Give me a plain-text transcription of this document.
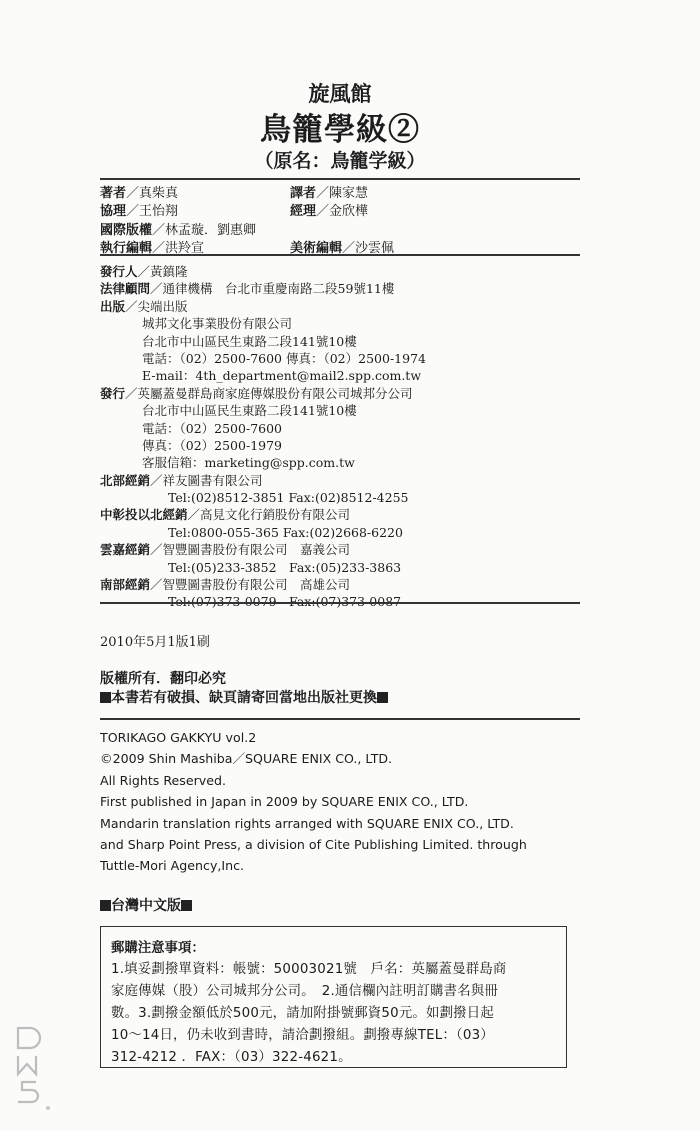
旋風館
鳥籠學級②
（原名：鳥籠学級）
著者／真柴真	譯者／陳家慧
協理／王怡翔	經理／金欣樺
國際版權／林孟璇．劉惠卿
執行編輯／洪羚宣	美術編輯／沙雲佩
發行人／黃鎮隆
法律顧問／通律機構　台北市重慶南路二段59號11樓
出版／尖端出版
城邦文化事業股份有限公司
台北市中山區民生東路二段141號10樓
電話：（02）2500-7600 傳真：（02）2500-1974
E-mail：4th_department@mail2.spp.com.tw
發行／英屬蓋曼群島商家庭傳媒股份有限公司城邦分公司
台北市中山區民生東路二段141號10樓
電話：（02）2500-7600
傳真：（02）2500-1979
客服信箱：marketing@spp.com.tw
北部經銷／祥友圖書有限公司
Tel:(02)8512-3851 Fax:(02)8512-4255
中彰投以北經銷／高見文化行銷股份有限公司
Tel:0800-055-365 Fax:(02)2668-6220
雲嘉經銷／智豐圖書股份有限公司　嘉義公司
Tel:(05)233-3852　Fax:(05)233-3863
南部經銷／智豐圖書股份有限公司　高雄公司
Tel:(07)373-0079　Fax:(07)373-0087
2010年5月1版1刷
版權所有．翻印必究
本書若有破損、缺頁請寄回當地出版社更換
TORIKAGO GAKKYU vol.2
©2009 Shin Mashiba／SQUARE ENIX CO., LTD.
All Rights Reserved.
First published in Japan in 2009 by SQUARE ENIX CO., LTD.
Mandarin translation rights arranged with SQUARE ENIX CO., LTD.
and Sharp Point Press, a division of Cite Publishing Limited. through
Tuttle-Mori Agency,Inc.
台灣中文版
郵購注意事項：
1.填妥劃撥單資料：帳號：50003021號　戶名：英屬蓋曼群島商
家庭傳媒（股）公司城邦分公司。　2.通信欄內註明訂購書名與冊
數。3.劃撥金額低於500元，請加附掛號郵資50元。如劃撥日起
10～14日，仍未收到書時，請洽劃撥組。劃撥專線TEL：（03）
312-4212 ．FAX：（03）322-4621。
